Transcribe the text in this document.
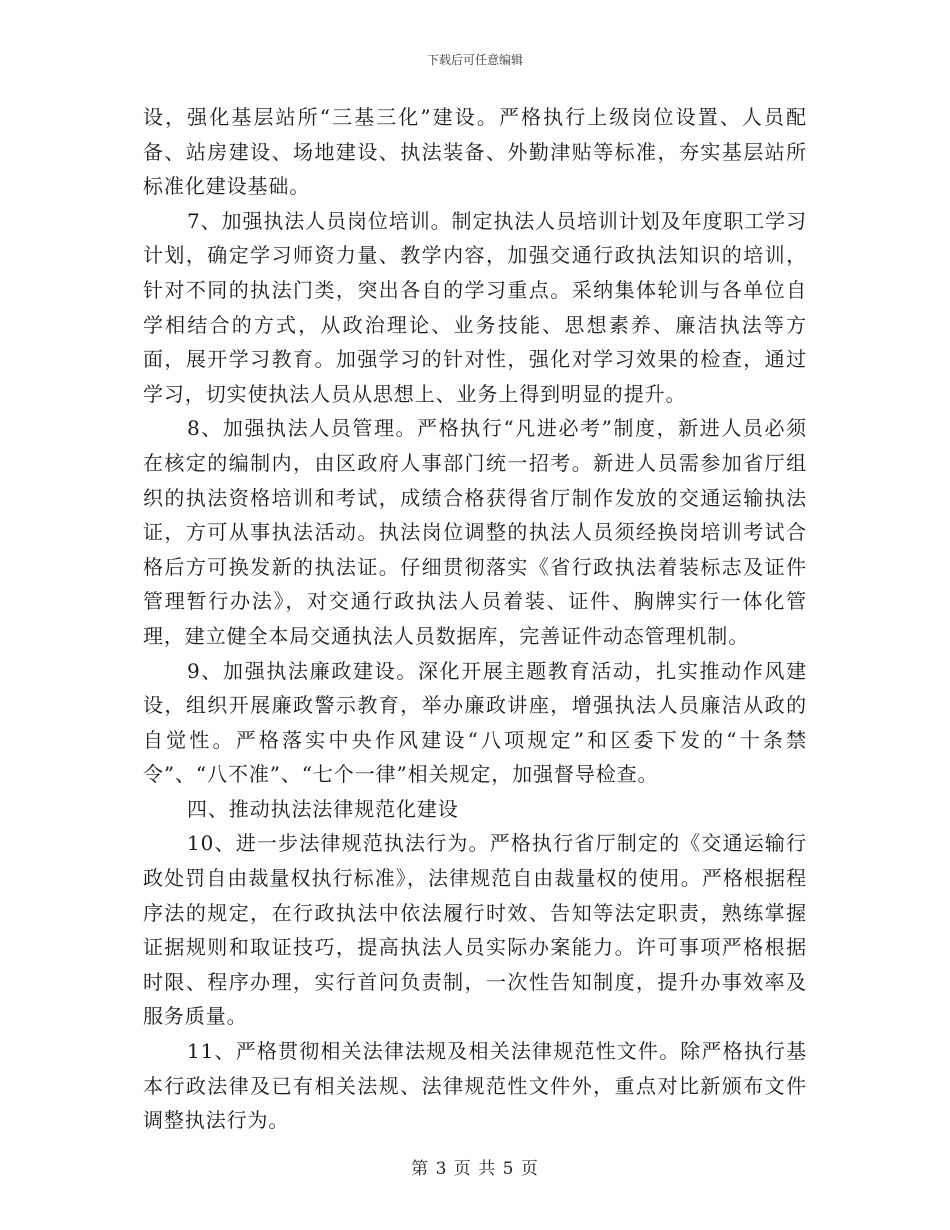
下载后可任意编辑

设，强化基层站所“三基三化”建设。严格执行上级岗位设置、人员配备、站房建设、场地建设、执法装备、外勤津贴等标准，夯实基层站所标准化建设基础。

7、加强执法人员岗位培训。制定执法人员培训计划及年度职工学习计划，确定学习师资力量、教学内容，加强交通行政执法知识的培训，针对不同的执法门类，突出各自的学习重点。采纳集体轮训与各单位自学相结合的方式，从政治理论、业务技能、思想素养、廉洁执法等方面，展开学习教育。加强学习的针对性，强化对学习效果的检查，通过学习，切实使执法人员从思想上、业务上得到明显的提升。

8、加强执法人员管理。严格执行“凡进必考”制度，新进人员必须在核定的编制内，由区政府人事部门统一招考。新进人员需参加省厅组织的执法资格培训和考试，成绩合格获得省厅制作发放的交通运输执法证，方可从事执法活动。执法岗位调整的执法人员须经换岗培训考试合格后方可换发新的执法证。仔细贯彻落实《省行政执法着装标志及证件管理暂行办法》，对交通行政执法人员着装、证件、胸牌实行一体化管理，建立健全本局交通执法人员数据库，完善证件动态管理机制。

9、加强执法廉政建设。深化开展主题教育活动，扎实推动作风建设，组织开展廉政警示教育，举办廉政讲座，增强执法人员廉洁从政的自觉性。严格落实中央作风建设“八项规定”和区委下发的“十条禁令”、“八不准”、“七个一律”相关规定，加强督导检查。

四、推动执法法律规范化建设

10、进一步法律规范执法行为。严格执行省厅制定的《交通运输行政处罚自由裁量权执行标准》，法律规范自由裁量权的使用。严格根据程序法的规定，在行政执法中依法履行时效、告知等法定职责，熟练掌握证据规则和取证技巧，提高执法人员实际办案能力。许可事项严格根据时限、程序办理，实行首问负责制，一次性告知制度，提升办事效率及服务质量。

11、严格贯彻相关法律法规及相关法律规范性文件。除严格执行基本行政法律及已有相关法规、法律规范性文件外，重点对比新颁布文件调整执法行为。

第 3 页 共 5 页
